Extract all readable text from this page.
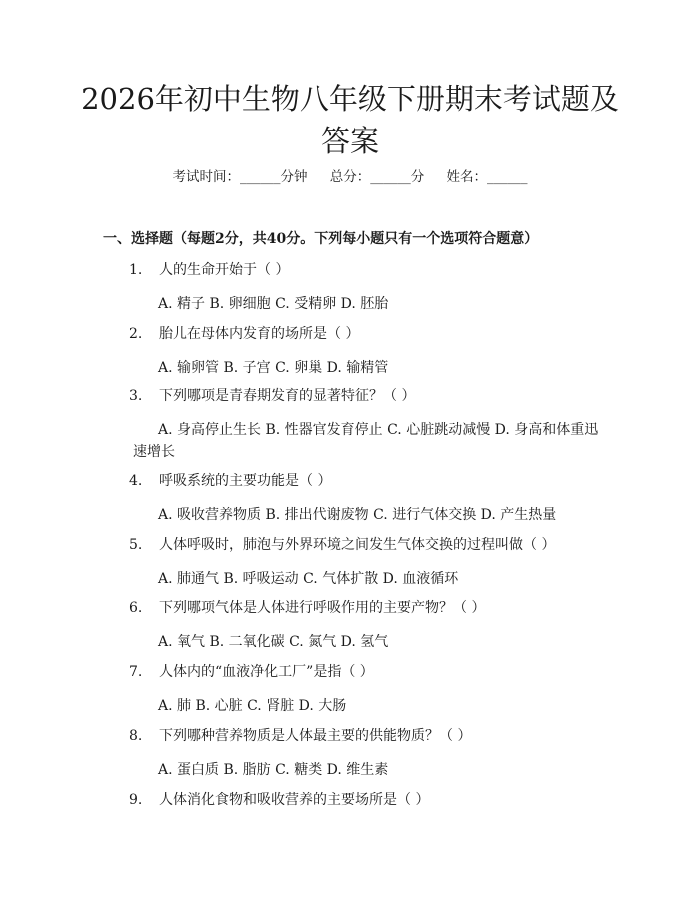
2026年初中生物八年级下册期末考试题及答案
考试时间：______分钟 总分：______分 姓名：______
一、选择题（每题2分，共40分。下列每小题只有一个选项符合题意）
1. 人的生命开始于（ ）
A. 精子 B. 卵细胞 C. 受精卵 D. 胚胎
2. 胎儿在母体内发育的场所是（ ）
A. 输卵管 B. 子宫 C. 卵巢 D. 输精管
3. 下列哪项是青春期发育的显著特征？（ ）
A. 身高停止生长 B. 性器官发育停止 C. 心脏跳动减慢 D. 身高和体重迅速增长
4. 呼吸系统的主要功能是（ ）
A. 吸收营养物质 B. 排出代谢废物 C. 进行气体交换 D. 产生热量
5. 人体呼吸时，肺泡与外界环境之间发生气体交换的过程叫做（ ）
A. 肺通气 B. 呼吸运动 C. 气体扩散 D. 血液循环
6. 下列哪项气体是人体进行呼吸作用的主要产物？（ ）
A. 氧气 B. 二氧化碳 C. 氮气 D. 氢气
7. 人体内的“血液净化工厂”是指（ ）
A. 肺 B. 心脏 C. 肾脏 D. 大肠
8. 下列哪种营养物质是人体最主要的供能物质？（ ）
A. 蛋白质 B. 脂肪 C. 糖类 D. 维生素
9. 人体消化食物和吸收营养的主要场所是（ ）
